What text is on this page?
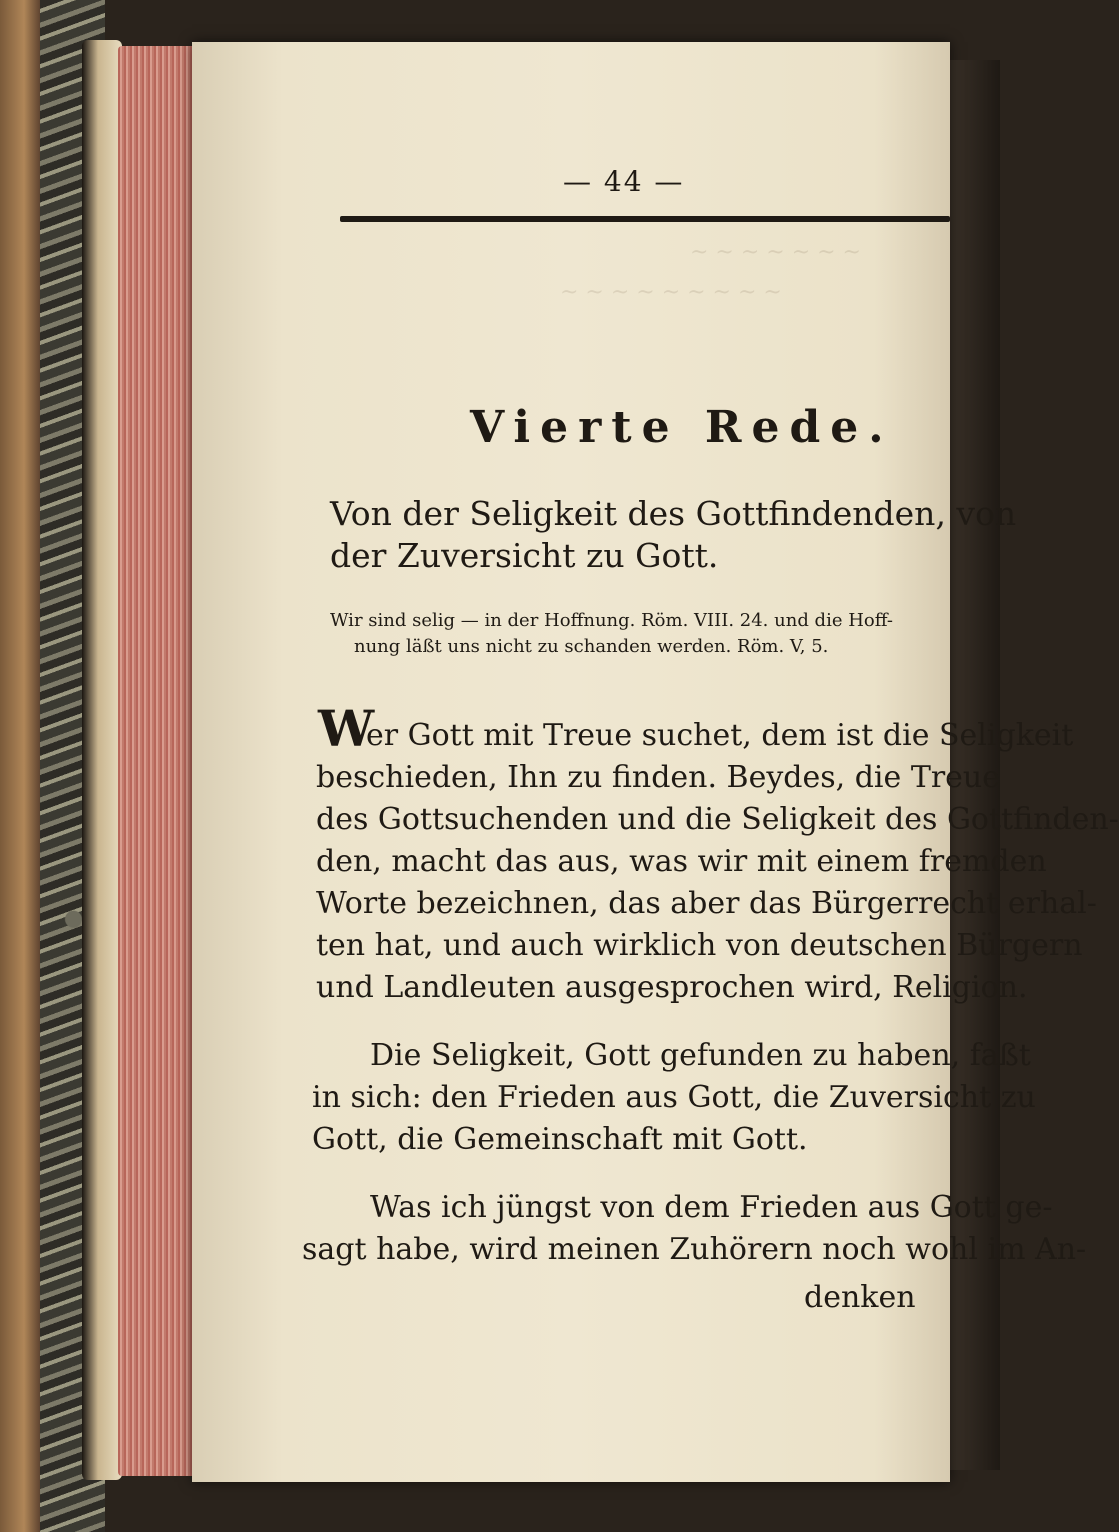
~ ~ ~ ~ ~ ~ ~
~ ~ ~ ~ ~ ~ ~ ~ ~
— 44 —
Vierte Rede.
Von der Seligkeit des Gottfindenden, von
der Zuversicht zu Gott.
Wir sind selig — in der Hoffnung. Röm. VIII. 24. und die Hoff-
nung läßt uns nicht zu schanden werden. Röm. V, 5.
W
er Gott mit Treue suchet, dem ist die Seligkeit
beschieden, Ihn zu finden. Beydes, die Treue
des Gottsuchenden und die Seligkeit des Gottfinden-
den, macht das aus, was wir mit einem fremden
Worte bezeichnen, das aber das Bürgerrecht erhal-
ten hat, und auch wirklich von deutschen Bürgern
und Landleuten ausgesprochen wird, Religion.
Die Seligkeit, Gott gefunden zu haben, faßt
in sich: den Frieden aus Gott, die Zuversicht zu
Gott, die Gemeinschaft mit Gott.
Was ich jüngst von dem Frieden aus Gott ge-
sagt habe, wird meinen Zuhörern noch wohl im An-
denken
